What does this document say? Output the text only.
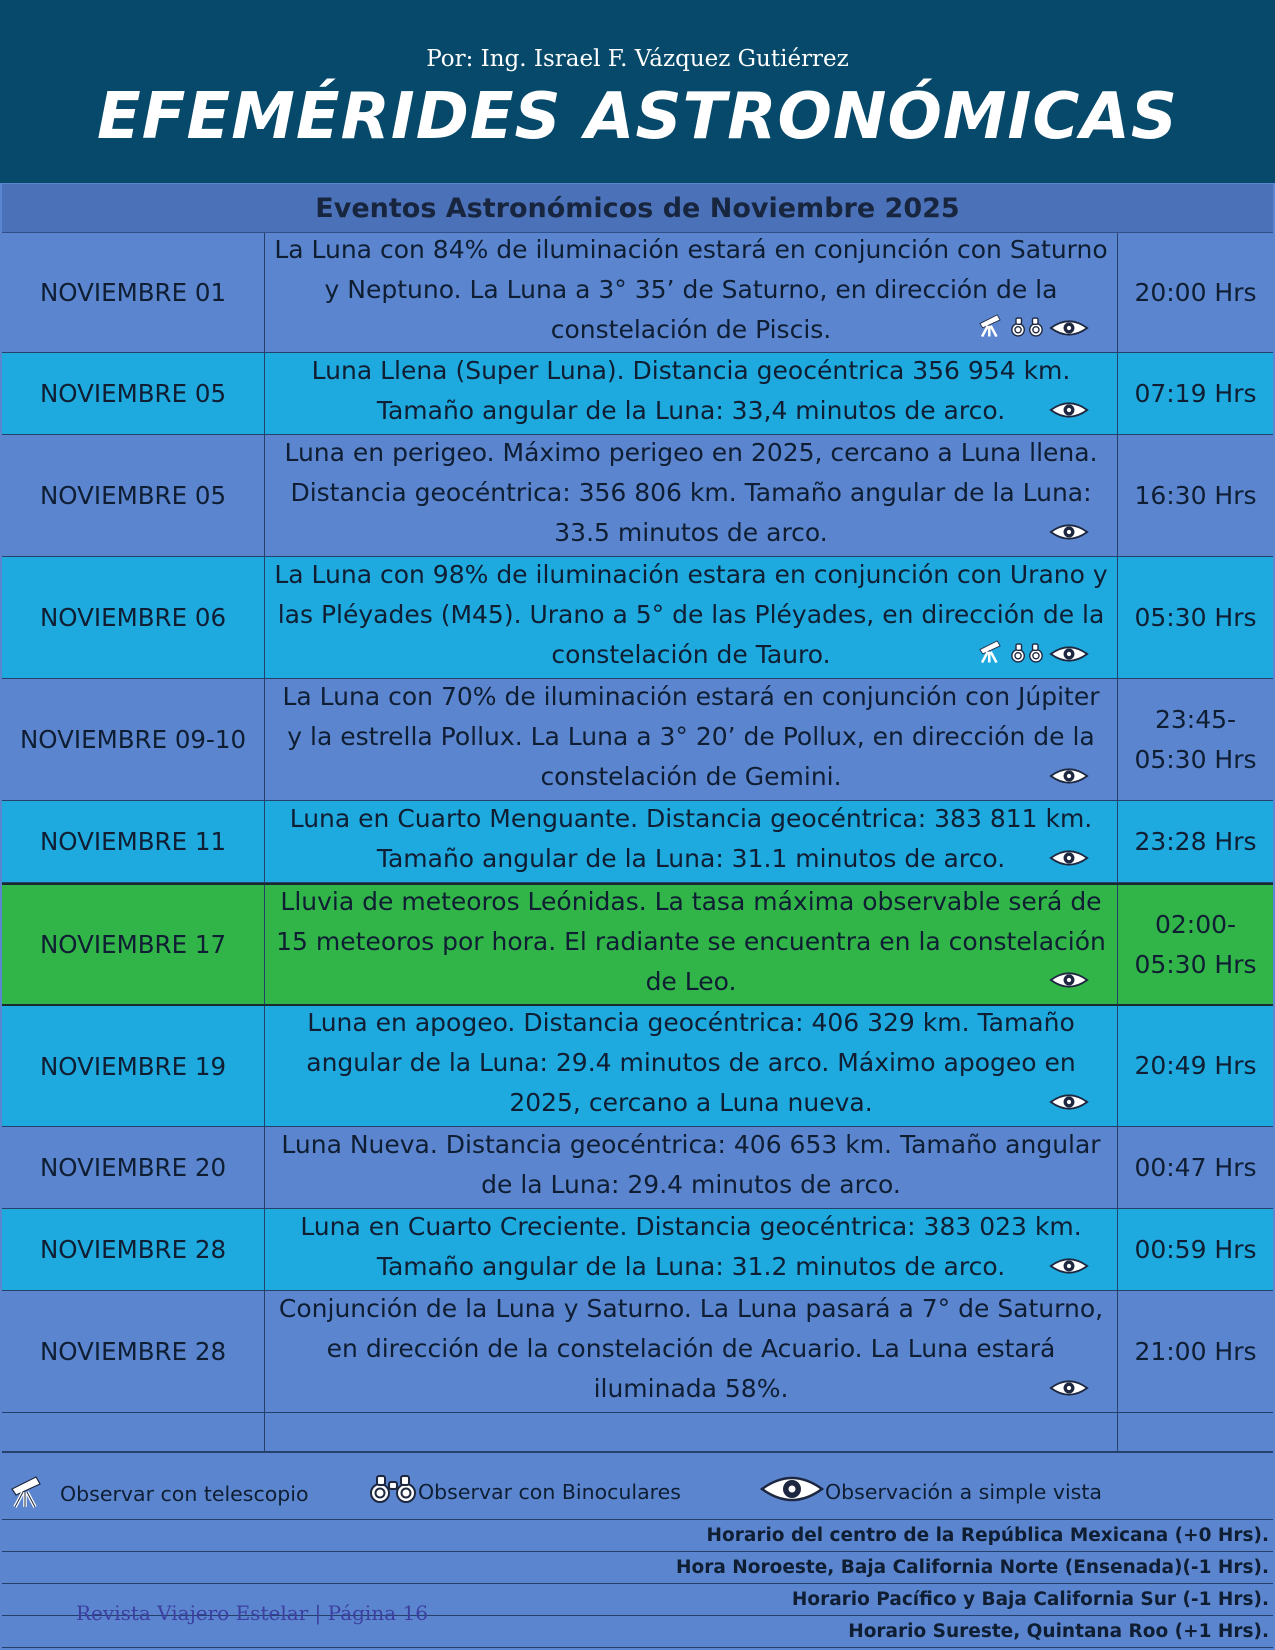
Por: Ing. Israel F. Vázquez Gutiérrez
EFEMÉRIDES ASTRONÓMICAS
Eventos Astronómicos de Noviembre 2025
NOVIEMBRE 01
La Luna con 84% de iluminación estará en conjunción con Saturno y Neptuno. La Luna a 3° 35’ de Saturno, en dirección de la constelación de Piscis.
20:00 Hrs
NOVIEMBRE 05
Luna Llena (Super Luna). Distancia geocéntrica 356 954 km. Tamaño angular de la Luna: 33,4 minutos de arco.
07:19 Hrs
NOVIEMBRE 05
Luna en perigeo. Máximo perigeo en 2025, cercano a Luna llena. Distancia geocéntrica: 356 806 km. Tamaño angular de la Luna: 33.5 minutos de arco.
16:30 Hrs
NOVIEMBRE 06
La Luna con 98% de iluminación estara en conjunción con Urano y las Pléyades (M45). Urano a 5° de las Pléyades, en dirección de la constelación de Tauro.
05:30 Hrs
NOVIEMBRE 09-10
La Luna con 70% de iluminación estará en conjunción con Júpiter y la estrella Pollux. La Luna a 3° 20’ de Pollux, en dirección de la constelación de Gemini.
23:45-
05:30 Hrs
NOVIEMBRE 11
Luna en Cuarto Menguante. Distancia geocéntrica: 383 811 km. Tamaño angular de la Luna: 31.1 minutos de arco.
23:28 Hrs
NOVIEMBRE 17
Lluvia de meteoros Leónidas. La tasa máxima observable será de 15 meteoros por hora. El radiante se encuentra en la constelación de Leo.
02:00-
05:30 Hrs
NOVIEMBRE 19
Luna en apogeo. Distancia geocéntrica: 406 329 km. Tamaño angular de la Luna: 29.4 minutos de arco. Máximo apogeo en 2025, cercano a Luna nueva.
20:49 Hrs
NOVIEMBRE 20
Luna Nueva. Distancia geocéntrica: 406 653 km. Tamaño angular de la Luna: 29.4 minutos de arco.
00:47 Hrs
NOVIEMBRE 28
Luna en Cuarto Creciente. Distancia geocéntrica: 383 023 km. Tamaño angular de la Luna: 31.2 minutos de arco.
00:59 Hrs
NOVIEMBRE 28
Conjunción de la Luna y Saturno. La Luna pasará a 7° de Saturno, en dirección de la constelación de Acuario. La Luna estará iluminada 58%.
21:00 Hrs
Observar con telescopio	Observar con Binoculares	Observación a simple vista
Horario del centro de la República Mexicana (+0 Hrs).
Hora Noroeste, Baja California Norte (Ensenada)(-1 Hrs).
Horario Pacífico y Baja California Sur (-1 Hrs).
Horario Sureste, Quintana Roo (+1 Hrs).
Revista Viajero Estelar | Página 16
